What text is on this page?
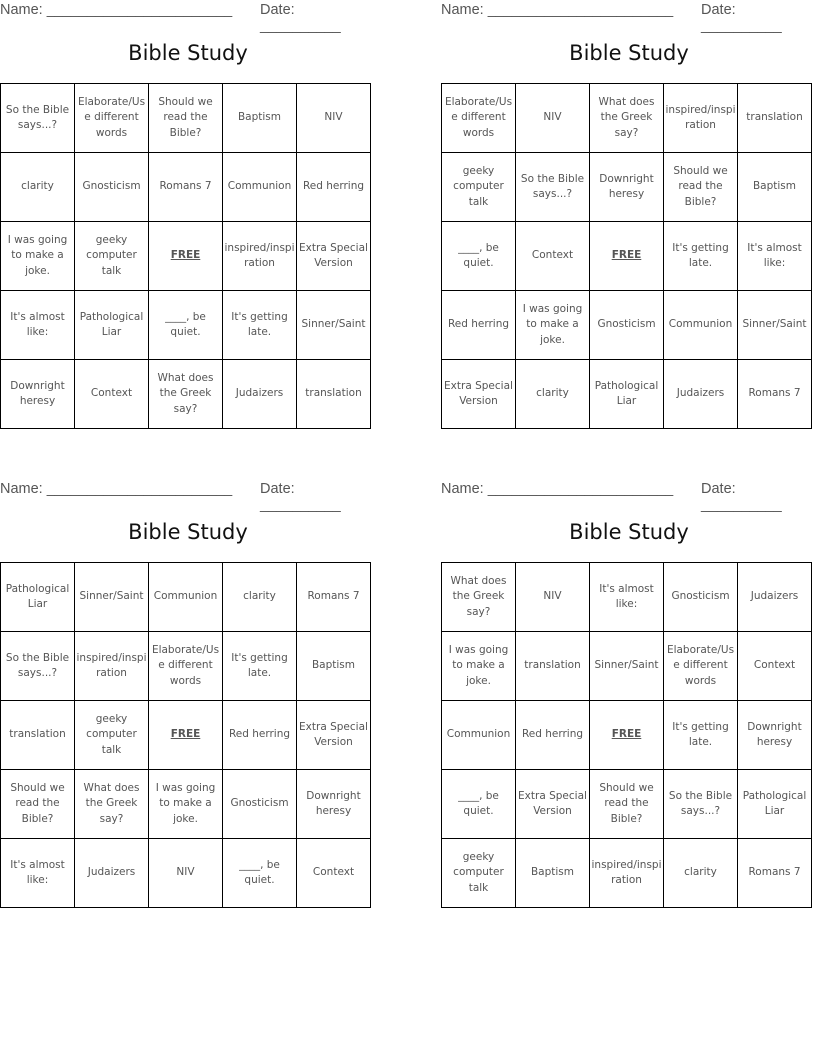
Name: _______________________ Date: __________
Bible Study
So the Bible says...?	Elaborate/Use different words	Should we read the Bible?	Baptism	NIV
clarity	Gnosticism	Romans 7	Communion	Red herring
I was going to make a joke.	geeky computer talk	FREE	inspired/inspiration	Extra Special Version
It's almost like:	Pathological Liar	____, be quiet.	It's getting late.	Sinner/Saint
Downright heresy	Context	What does the Greek say?	Judaizers	translation
Name: _______________________ Date: __________
Bible Study
Elaborate/Use different words	NIV	What does the Greek say?	inspired/inspiration	translation
geeky computer talk	So the Bible says...?	Downright heresy	Should we read the Bible?	Baptism
____, be quiet.	Context	FREE	It's getting late.	It's almost like:
Red herring	I was going to make a joke.	Gnosticism	Communion	Sinner/Saint
Extra Special Version	clarity	Pathological Liar	Judaizers	Romans 7
Name: _______________________ Date: __________
Bible Study
Pathological Liar	Sinner/Saint	Communion	clarity	Romans 7
So the Bible says...?	inspired/inspiration	Elaborate/Use different words	It's getting late.	Baptism
translation	geeky computer talk	FREE	Red herring	Extra Special Version
Should we read the Bible?	What does the Greek say?	I was going to make a joke.	Gnosticism	Downright heresy
It's almost like:	Judaizers	NIV	____, be quiet.	Context
Name: _______________________ Date: __________
Bible Study
What does the Greek say?	NIV	It's almost like:	Gnosticism	Judaizers
I was going to make a joke.	translation	Sinner/Saint	Elaborate/Use different words	Context
Communion	Red herring	FREE	It's getting late.	Downright heresy
____, be quiet.	Extra Special Version	Should we read the Bible?	So the Bible says...?	Pathological Liar
geeky computer talk	Baptism	inspired/inspiration	clarity	Romans 7
